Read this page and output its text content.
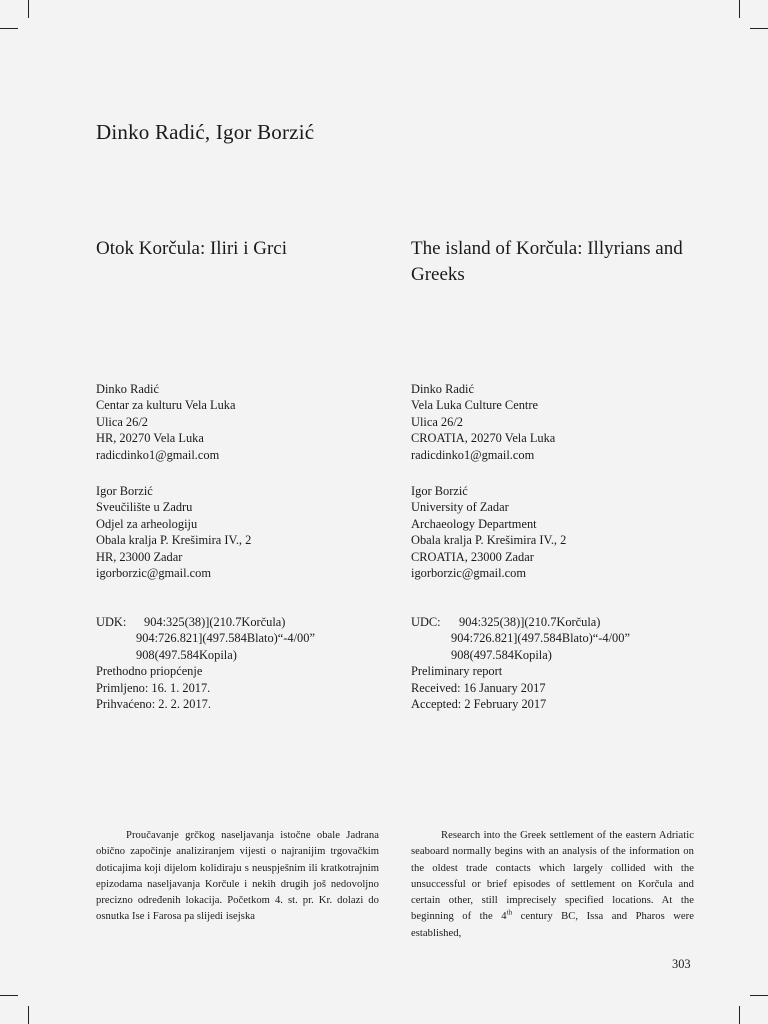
Dinko Radić, Igor Borzić
Otok Korčula: Iliri i Grci	The island of Korčula: Illyrians and Greeks
Dinko Radić
Centar za kulturu Vela Luka
Ulica 26/2
HR, 20270 Vela Luka
radicdinko1@gmail.com
Igor Borzić
Sveučilište u Zadru
Odjel za arheologiju
Obala kralja P. Krešimira IV., 2
HR, 23000 Zadar
igorborzic@gmail.com
UDK:	904:325(38)](210.7Korčula)
904:726.821](497.584Blato)“-4/00”
908(497.584Kopila)
Prethodno priopćenje
Primljeno: 16. 1. 2017.
Prihvaćeno: 2. 2. 2017.
Dinko Radić
Vela Luka Culture Centre
Ulica 26/2
CROATIA, 20270 Vela Luka
radicdinko1@gmail.com
Igor Borzić
University of Zadar
Archaeology Department
Obala kralja P. Krešimira IV., 2
CROATIA, 23000 Zadar
igorborzic@gmail.com
UDC:	904:325(38)](210.7Korčula)
904:726.821](497.584Blato)“-4/00”
908(497.584Kopila)
Preliminary report
Received: 16 January 2017
Accepted: 2 February 2017

Proučavanje grčkog naseljavanja istočne obale Jadrana obično započinje analiziranjem vijesti o najranijim trgovačkim doticajima koji dijelom kolidiraju s neuspješnim ili kratkotrajnim epizodama naseljavanja Korčule i nekih drugih još nedovoljno precizno određenih lokacija. Početkom 4. st. pr. Kr. dolazi do osnutka Ise i Farosa pa slijedi isejska

Research into the Greek settlement of the eastern Adriatic seaboard normally begins with an analysis of the information on the oldest trade contacts which largely collided with the unsuccessful or brief episodes of settlement on Korčula and certain other, still imprecisely specified locations. At the beginning of the 4th century BC, Issa and Pharos were established,

303
